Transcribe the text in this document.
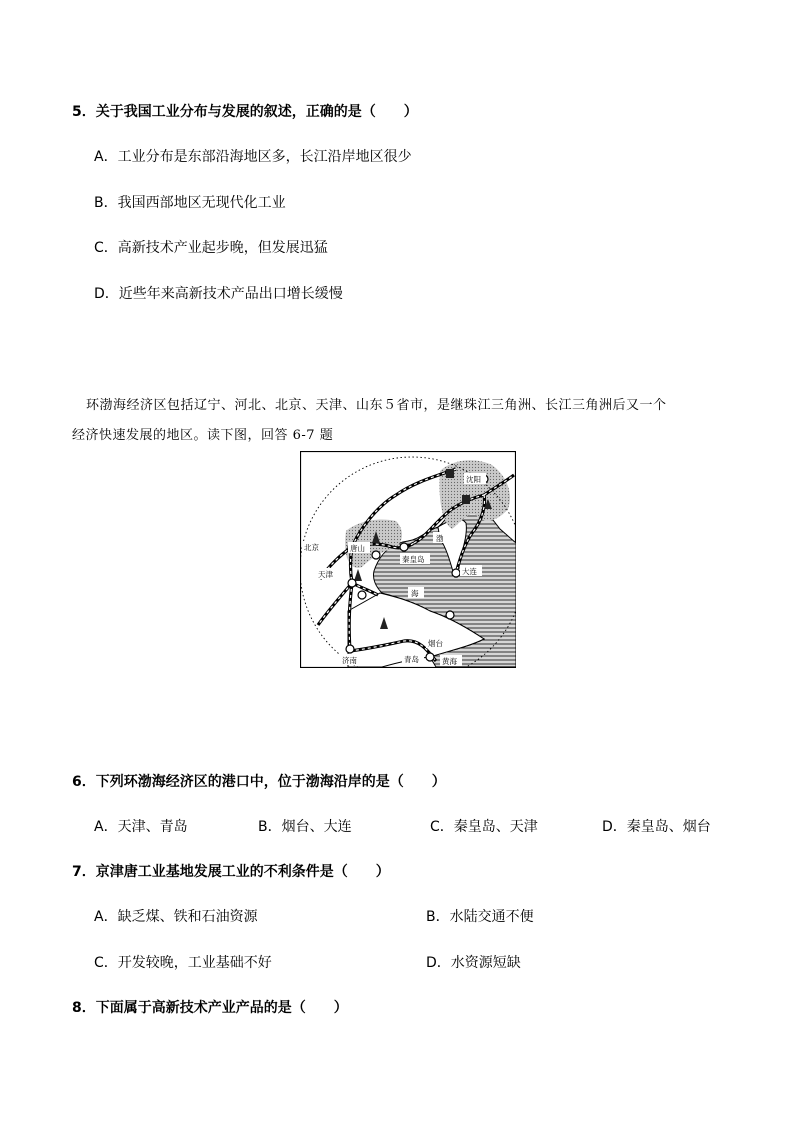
5．关于我国工业分布与发展的叙述，正确的是（　　）
A．工业分布是东部沿海地区多，长江沿岸地区很少
B．我国西部地区无现代化工业
C．高新技术产业起步晚，但发展迅猛
D．近些年来高新技术产品出口增长缓慢
环渤海经济区包括辽宁、河北、北京、天津、山东５省市，是继珠江三角洲、长江三角洲后又一个
经济快速发展的地区。读下图，回答 6-7 题
沈阳
北京	唐山
秦皇岛
天津	大连
渤
海
烟台
济南	青岛	黄海
6．下列环渤海经济区的港口中，位于渤海沿岸的是（　　）
A．天津、青岛	B．烟台、大连	C．秦皇岛、天津	D．秦皇岛、烟台
7．京津唐工业基地发展工业的不利条件是（　　）
A．缺乏煤、铁和石油资源	B．水陆交通不便
C．开发较晚，工业基础不好	D．水资源短缺
8．下面属于高新技术产业产品的是（　　）
